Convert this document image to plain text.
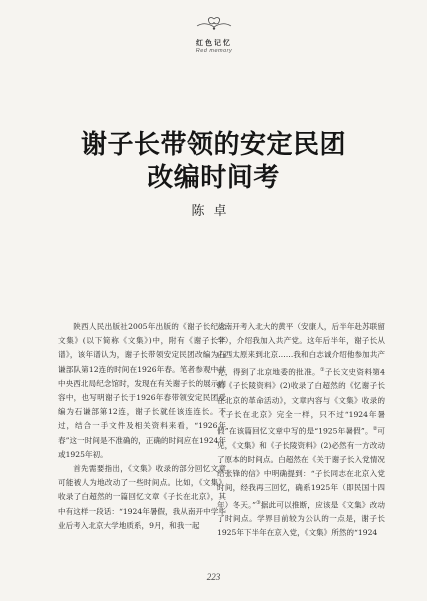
红色记忆
Red memory
谢子长带领的安定民团
改编时间考
陈卓

陕西人民出版社2005年出版的《谢子长纪念文集》(以下简称《文集》)中，附有《谢子长年谱》，该年谱认为，谢子长带领安定民团改编为石谦部队第12连的时间在1926年春。笔者参观中共中央西北局纪念馆时，发现在有关谢子长的展示内容中，也写明谢子长于1926年春带领安定民团受编为石谦部第12连，谢子长就任该连连长。不过，结合一手文件及相关资料来看，“1926年春”这一时间是不准确的，正确的时间应在1924年或1925年初。

首先需要指出，《文集》收录的部分回忆文章可能被人为地改动了一些时间点。比如，《文集》收录了白超然的一篇回忆文章《子长在北京》，其中有这样一段话：“1924年暑假，我从南开中学毕业后考入北京大学地质系，9月，和我一起

从南开考入北大的黄平（安康人，后半年赴苏联留学），介绍我加入共产党。这年后半年，谢子长从山西太原来到北京……我和白志诚介绍他参加共产党，得到了北京地委的批准。①子长文史资料第4辑《子长陵资料》(2)收录了白超然的《忆谢子长在北京的革命活动》，文章内容与《文集》收录的《子长在北京》完全一样，只不过“1924年暑假”在该篇回忆文章中写的是“1925年暑假”。②可见，《文集》和《子长陵资料》(2)必然有一方改动了原本的时间点。白超然在《关于谢子长入党情况给张锋的信》中明确提到：“子长同志在北京入党时间，经我再三回忆，确系1925年（即民国十四年）冬天。”③据此可以推断，应该是《文集》改动了时间点。学界目前较为公认的一点是，谢子长1925年下半年在京入党，《文集》所然的“1924

223
